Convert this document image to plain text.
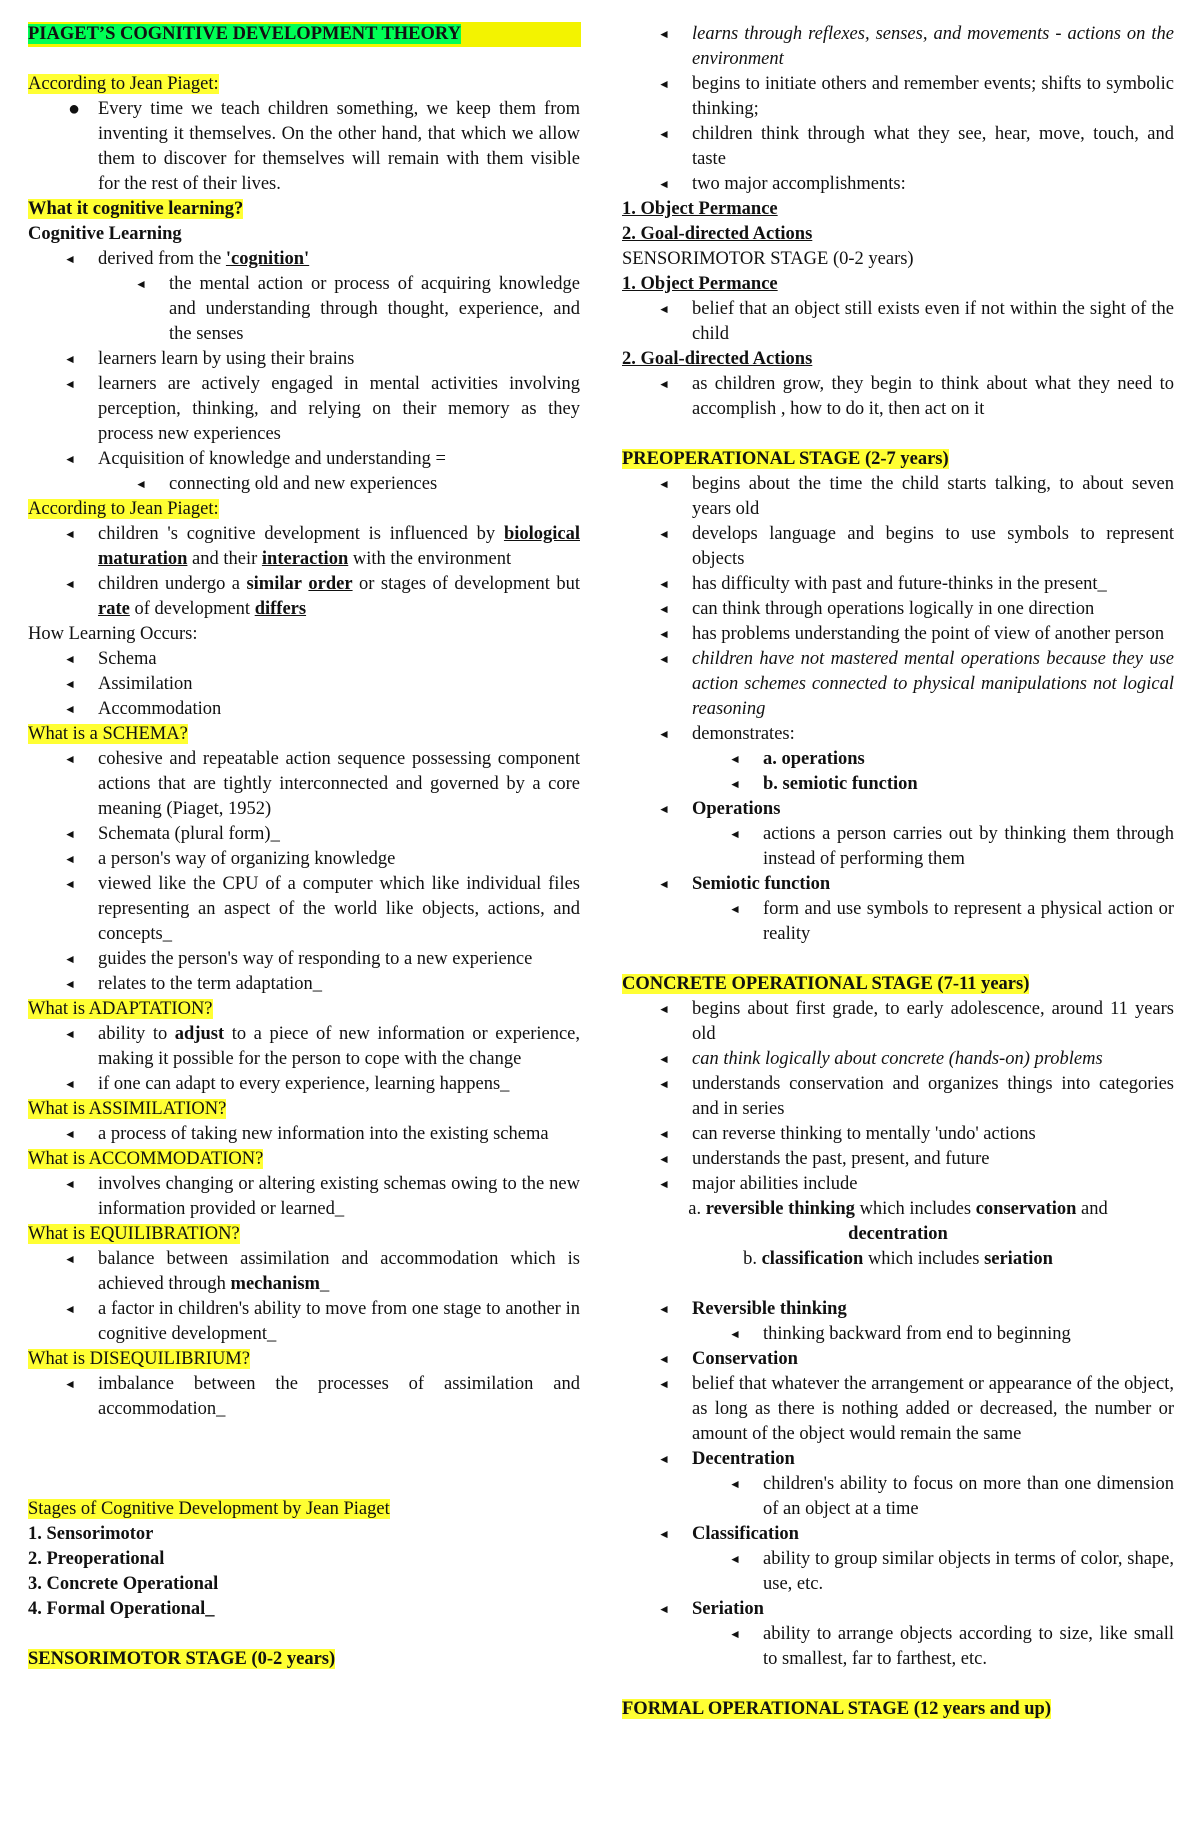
PIAGET’S COGNITIVE DEVELOPMENT THEORY
According to Jean Piaget:
● Every time we teach children something, we keep them from inventing it themselves. On the other hand, that which we allow them to discover for themselves will remain with them visible for the rest of their lives.
What it cognitive learning?
Cognitive Learning
◄ derived from the 'cognition'
◄ the mental action or process of acquiring knowledge and understanding through thought, experience, and the senses
◄ learners learn by using their brains
◄ learners are actively engaged in mental activities involving perception, thinking, and relying on their memory as they process new experiences
◄ Acquisition of knowledge and understanding =
◄ connecting old and new experiences
According to Jean Piaget:
◄ children 's cognitive development is influenced by biological maturation and their interaction with the environment
◄ children undergo a similar order or stages of development but rate of development differs
How Learning Occurs:
◄ Schema
◄ Assimilation
◄ Accommodation
What is a SCHEMA?
◄ cohesive and repeatable action sequence possessing component actions that are tightly interconnected and governed by a core meaning (Piaget, 1952)
◄ Schemata (plural form)_
◄ a person's way of organizing knowledge
◄ viewed like the CPU of a computer which like individual files representing an aspect of the world like objects, actions, and concepts_
◄ guides the person's way of responding to a new experience
◄ relates to the term adaptation_
What is ADAPTATION?
◄ ability to adjust to a piece of new information or experience, making it possible for the person to cope with the change
◄ if one can adapt to every experience, learning happens_
What is ASSIMILATION?
◄ a process of taking new information into the existing schema
What is ACCOMMODATION?
◄ involves changing or altering existing schemas owing to the new information provided or learned_
What is EQUILIBRATION?
◄ balance between assimilation and accommodation which is achieved through mechanism_
◄ a factor in children's ability to move from one stage to another in cognitive development_
What is DISEQUILIBRIUM?
◄ imbalance between the processes of assimilation and accommodation_
Stages of Cognitive Development by Jean Piaget
1. Sensorimotor
2. Preoperational
3. Concrete Operational
4. Formal Operational_
SENSORIMOTOR STAGE (0-2 years)
◄ learns through reflexes, senses, and movements - actions on the environment
◄ begins to initiate others and remember events; shifts to symbolic thinking;
◄ children think through what they see, hear, move, touch, and taste
◄ two major accomplishments:
1. Object Permance
2. Goal-directed Actions
SENSORIMOTOR STAGE (0-2 years)
1. Object Permance
◄ belief that an object still exists even if not within the sight of the child
2. Goal-directed Actions
◄ as children grow, they begin to think about what they need to accomplish , how to do it, then act on it
PREOPERATIONAL STAGE (2-7 years)
◄ begins about the time the child starts talking, to about seven years old
◄ develops language and begins to use symbols to represent objects
◄ has difficulty with past and future-thinks in the present_
◄ can think through operations logically in one direction
◄ has problems understanding the point of view of another person
◄ children have not mastered mental operations because they use action schemes connected to physical manipulations not logical reasoning
◄ demonstrates:
◄ a. operations
◄ b. semiotic function
◄ Operations
◄ actions a person carries out by thinking them through instead of performing them
◄ Semiotic function
◄ form and use symbols to represent a physical action or reality
CONCRETE OPERATIONAL STAGE (7-11 years)
◄ begins about first grade, to early adolescence, around 11 years old
◄ can think logically about concrete (hands-on) problems
◄ understands conservation and organizes things into categories and in series
◄ can reverse thinking to mentally 'undo' actions
◄ understands the past, present, and future
◄ major abilities include
a. reversible thinking which includes conservation and
decentration
b. classification which includes seriation
◄ Reversible thinking
◄ thinking backward from end to beginning
◄ Conservation
◄ belief that whatever the arrangement or appearance of the object, as long as there is nothing added or decreased, the number or amount of the object would remain the same
◄ Decentration
◄ children's ability to focus on more than one dimension of an object at a time
◄ Classification
◄ ability to group similar objects in terms of color, shape, use, etc.
◄ Seriation
◄ ability to arrange objects according to size, like small to smallest, far to farthest, etc.
FORMAL OPERATIONAL STAGE (12 years and up)
